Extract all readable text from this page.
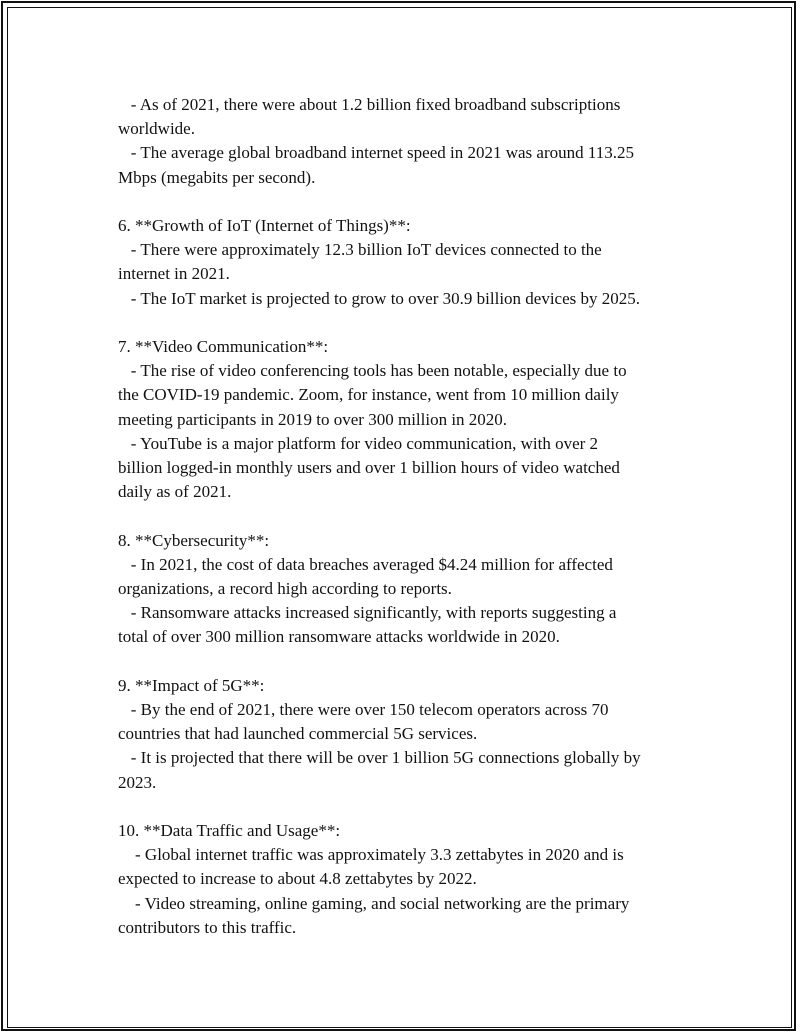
- As of 2021, there were about 1.2 billion fixed broadband subscriptions
worldwide.
- The average global broadband internet speed in 2021 was around 113.25
Mbps (megabits per second).
6. **Growth of IoT (Internet of Things)**:
- There were approximately 12.3 billion IoT devices connected to the
internet in 2021.
- The IoT market is projected to grow to over 30.9 billion devices by 2025.
7. **Video Communication**:
- The rise of video conferencing tools has been notable, especially due to
the COVID-19 pandemic. Zoom, for instance, went from 10 million daily
meeting participants in 2019 to over 300 million in 2020.
- YouTube is a major platform for video communication, with over 2
billion logged-in monthly users and over 1 billion hours of video watched
daily as of 2021.
8. **Cybersecurity**:
- In 2021, the cost of data breaches averaged $4.24 million for affected
organizations, a record high according to reports.
- Ransomware attacks increased significantly, with reports suggesting a
total of over 300 million ransomware attacks worldwide in 2020.
9. **Impact of 5G**:
- By the end of 2021, there were over 150 telecom operators across 70
countries that had launched commercial 5G services.
- It is projected that there will be over 1 billion 5G connections globally by
2023.
10. **Data Traffic and Usage**:
- Global internet traffic was approximately 3.3 zettabytes in 2020 and is
expected to increase to about 4.8 zettabytes by 2022.
- Video streaming, online gaming, and social networking are the primary
contributors to this traffic.
